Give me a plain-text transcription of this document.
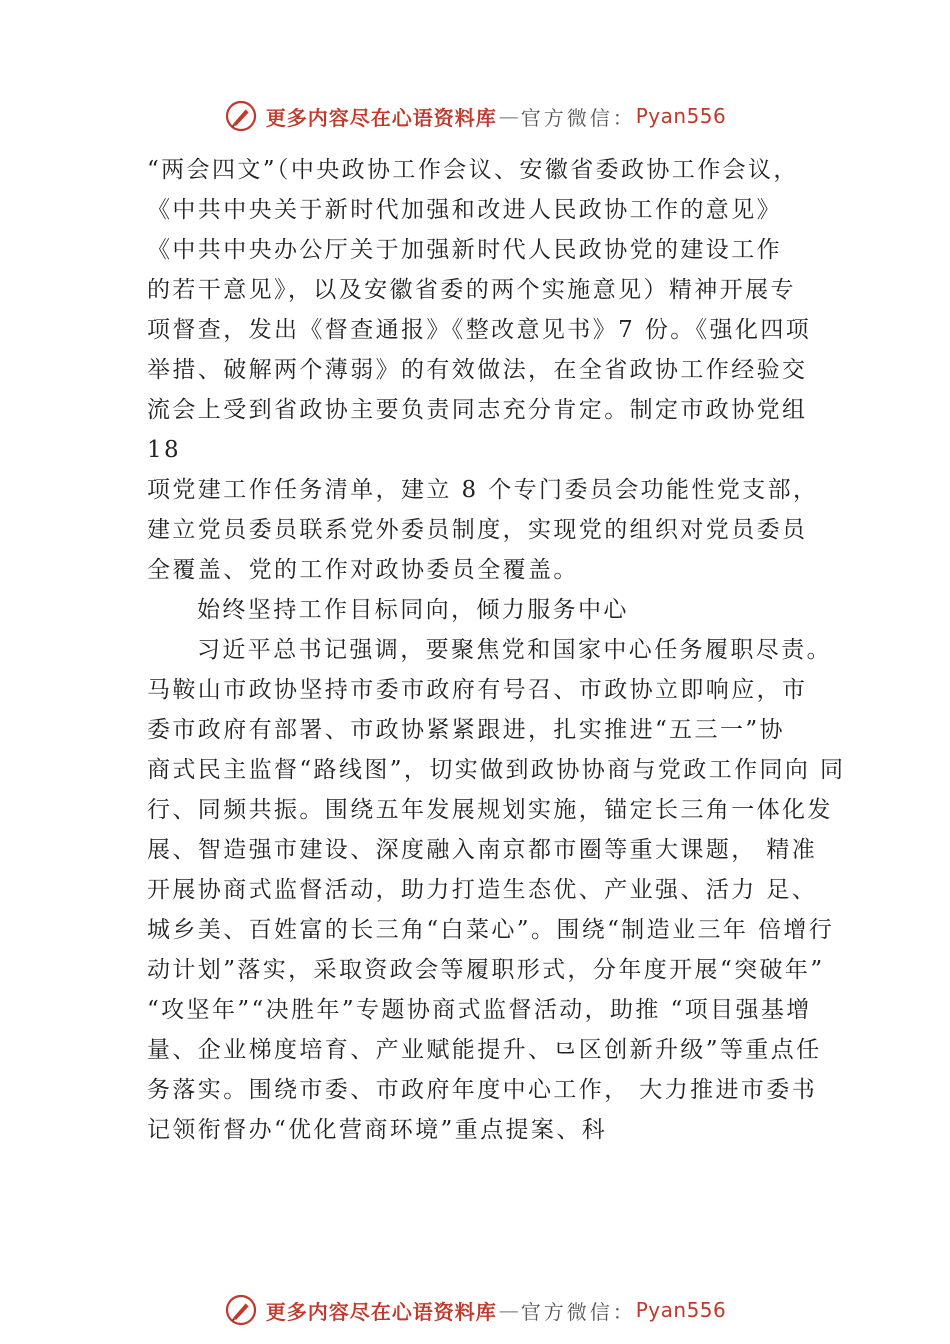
更多内容尽在心语资料库 — 官方微信： Pyan556
“两会四文”（中央政协工作会议、安徽省委政协工作会议，
《中共中央关于新时代加强和改进人民政协工作的意见》
《中共中央办公厅关于加强新时代人民政协党的建设工作
的若干意见》，以及安徽省委的两个实施意见）精神开展专
项督查，发出《督查通报》《整改意见书》7 份。《强化四项
举措、破解两个薄弱》的有效做法，在全省政协工作经验交
流会上受到省政协主要负责同志充分肯定。制定市政协党组
18
项党建工作任务清单，建立 8 个专门委员会功能性党支部，
建立党员委员联系党外委员制度，实现党的组织对党员委员
全覆盖、党的工作对政协委员全覆盖。
始终坚持工作目标同向，倾力服务中心
习近平总书记强调，要聚焦党和国家中心任务履职尽责。
马鞍山市政协坚持市委市政府有号召、市政协立即响应，市
委市政府有部署、市政协紧紧跟进，扎实推进“五三一”协
商式民主监督“路线图”，切实做到政协协商与党政工作同向 同
行、同频共振。围绕五年发展规划实施，锚定长三角一体化发
展、智造强市建设、深度融入南京都市圈等重大课题， 精准
开展协商式监督活动，助力打造生态优、产业强、活力 足、
城乡美、百姓富的长三角“白菜心”。围绕“制造业三年 倍增行
动计划”落实，采取资政会等履职形式，分年度开展“突破年”
“攻坚年”“决胜年”专题协商式监督活动，助推 “项目强基增
量、企业梯度培育、产业赋能提升、⺋区创新升级”等重点任
务落实。围绕市委、市政府年度中心工作， 大力推进市委书
记领衔督办“优化营商环境”重点提案、科
更多内容尽在心语资料库 — 官方微信： Pyan556
